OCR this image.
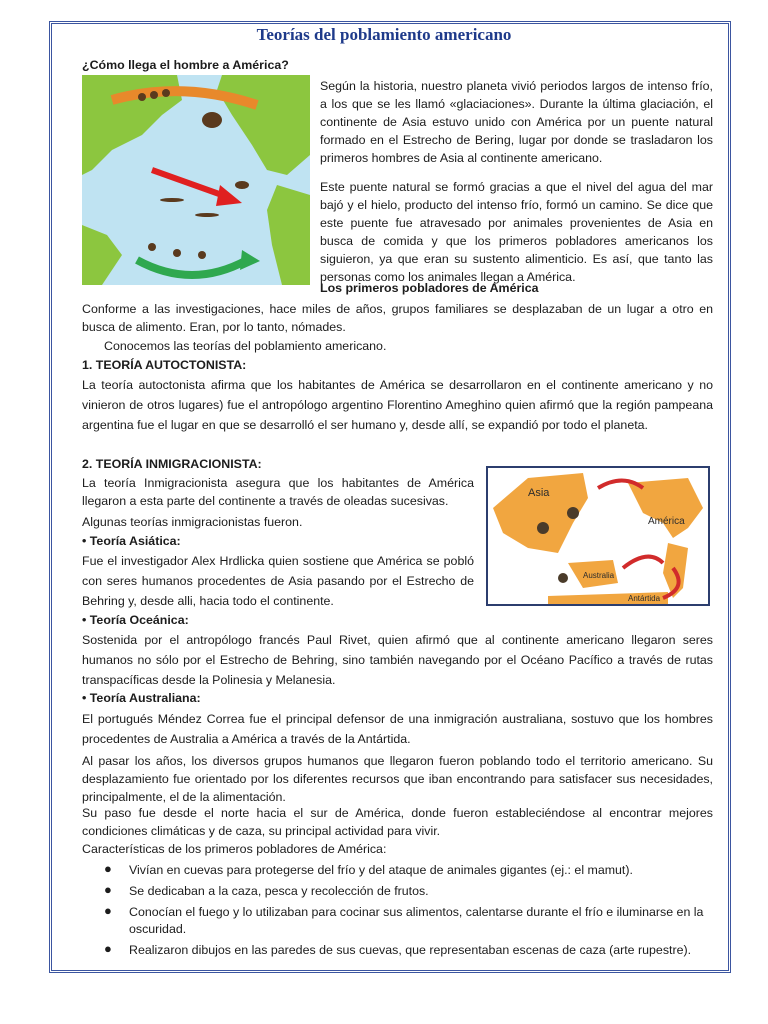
Teorías del poblamiento americano
¿Cómo llega el hombre a América?
Según la historia, nuestro planeta vivió periodos largos de intenso frío, a los que se les llamó «glaciaciones». Durante la última glaciación, el continente de Asia estuvo unido con América por un puente natural formado en el Estrecho de Bering, lugar por donde se trasladaron los primeros hombres de Asia al continente americano.
Este puente natural se formó gracias a que el nivel del agua del mar bajó y el hielo, producto del intenso frío, formó un camino. Se dice que este puente fue atravesado por animales provenientes de Asia en busca de comida y que los primeros pobladores americanos los siguieron, ya que eran su sustento alimenticio. Es así, que tanto las personas como los animales llegan a América.
Los primeros pobladores de América
Conforme a las investigaciones, hace miles de años, grupos familiares se desplazaban de un lugar a otro en busca de alimento. Eran, por lo tanto, nómades.
Conocemos las teorías del poblamiento americano.
1. TEORÍA AUTOCTONISTA:
La teoría autoctonista afirma que los habitantes de América se desarrollaron en el continente americano y no vinieron de otros lugares) fue el antropólogo argentino Florentino Ameghino quien afirmó que la región pampeana argentina fue el lugar en que se desarrolló el ser humano y, desde allí, se expandió por todo el planeta.
2. TEORÍA INMIGRACIONISTA:
La teoría Inmigracionista asegura que los habitantes de América llegaron a esta parte del continente a través de oleadas sucesivas.
Algunas teorías inmigracionistas fueron.
Asia
América
Australia
Antártida
• Teoría Asiática:
Fue el investigador Alex Hrdlicka quien sostiene que América se pobló con seres humanos procedentes de Asia pasando por el Estrecho de Behring y, desde alli, hacia todo el continente.
• Teoría Oceánica:
Sostenida por el antropólogo francés Paul Rivet, quien afirmó que al continente americano llegaron seres humanos no sólo por el Estrecho de Behring, sino también navegando por el Océano Pacífico a través de rutas transpacíficas desde la Polinesia y Melanesia.
• Teoría Australiana:
El portugués Méndez Correa fue el principal defensor de una inmigración australiana, sostuvo que los hombres procedentes de Australia a América a través de la Antártida.
Al pasar los años, los diversos grupos humanos que llegaron fueron poblando todo el territorio americano. Su desplazamiento fue orientado por los diferentes recursos que iban encontrando para satisfacer sus necesidades, principalmente, el de la alimentación.
Su paso fue desde el norte hacia el sur de América, donde fueron estableciéndose al encontrar mejores condiciones climáticas y de caza, su principal actividad para vivir.
Características de los primeros pobladores de América:
● Vivían en cuevas para protegerse del frío y del ataque de animales gigantes (ej.: el mamut).
● Se dedicaban a la caza, pesca y recolección de frutos.
● Conocían el fuego y lo utilizaban para cocinar sus alimentos, calentarse durante el frío e iluminarse en la oscuridad.
● Realizaron dibujos en las paredes de sus cuevas, que representaban escenas de caza (arte rupestre).
